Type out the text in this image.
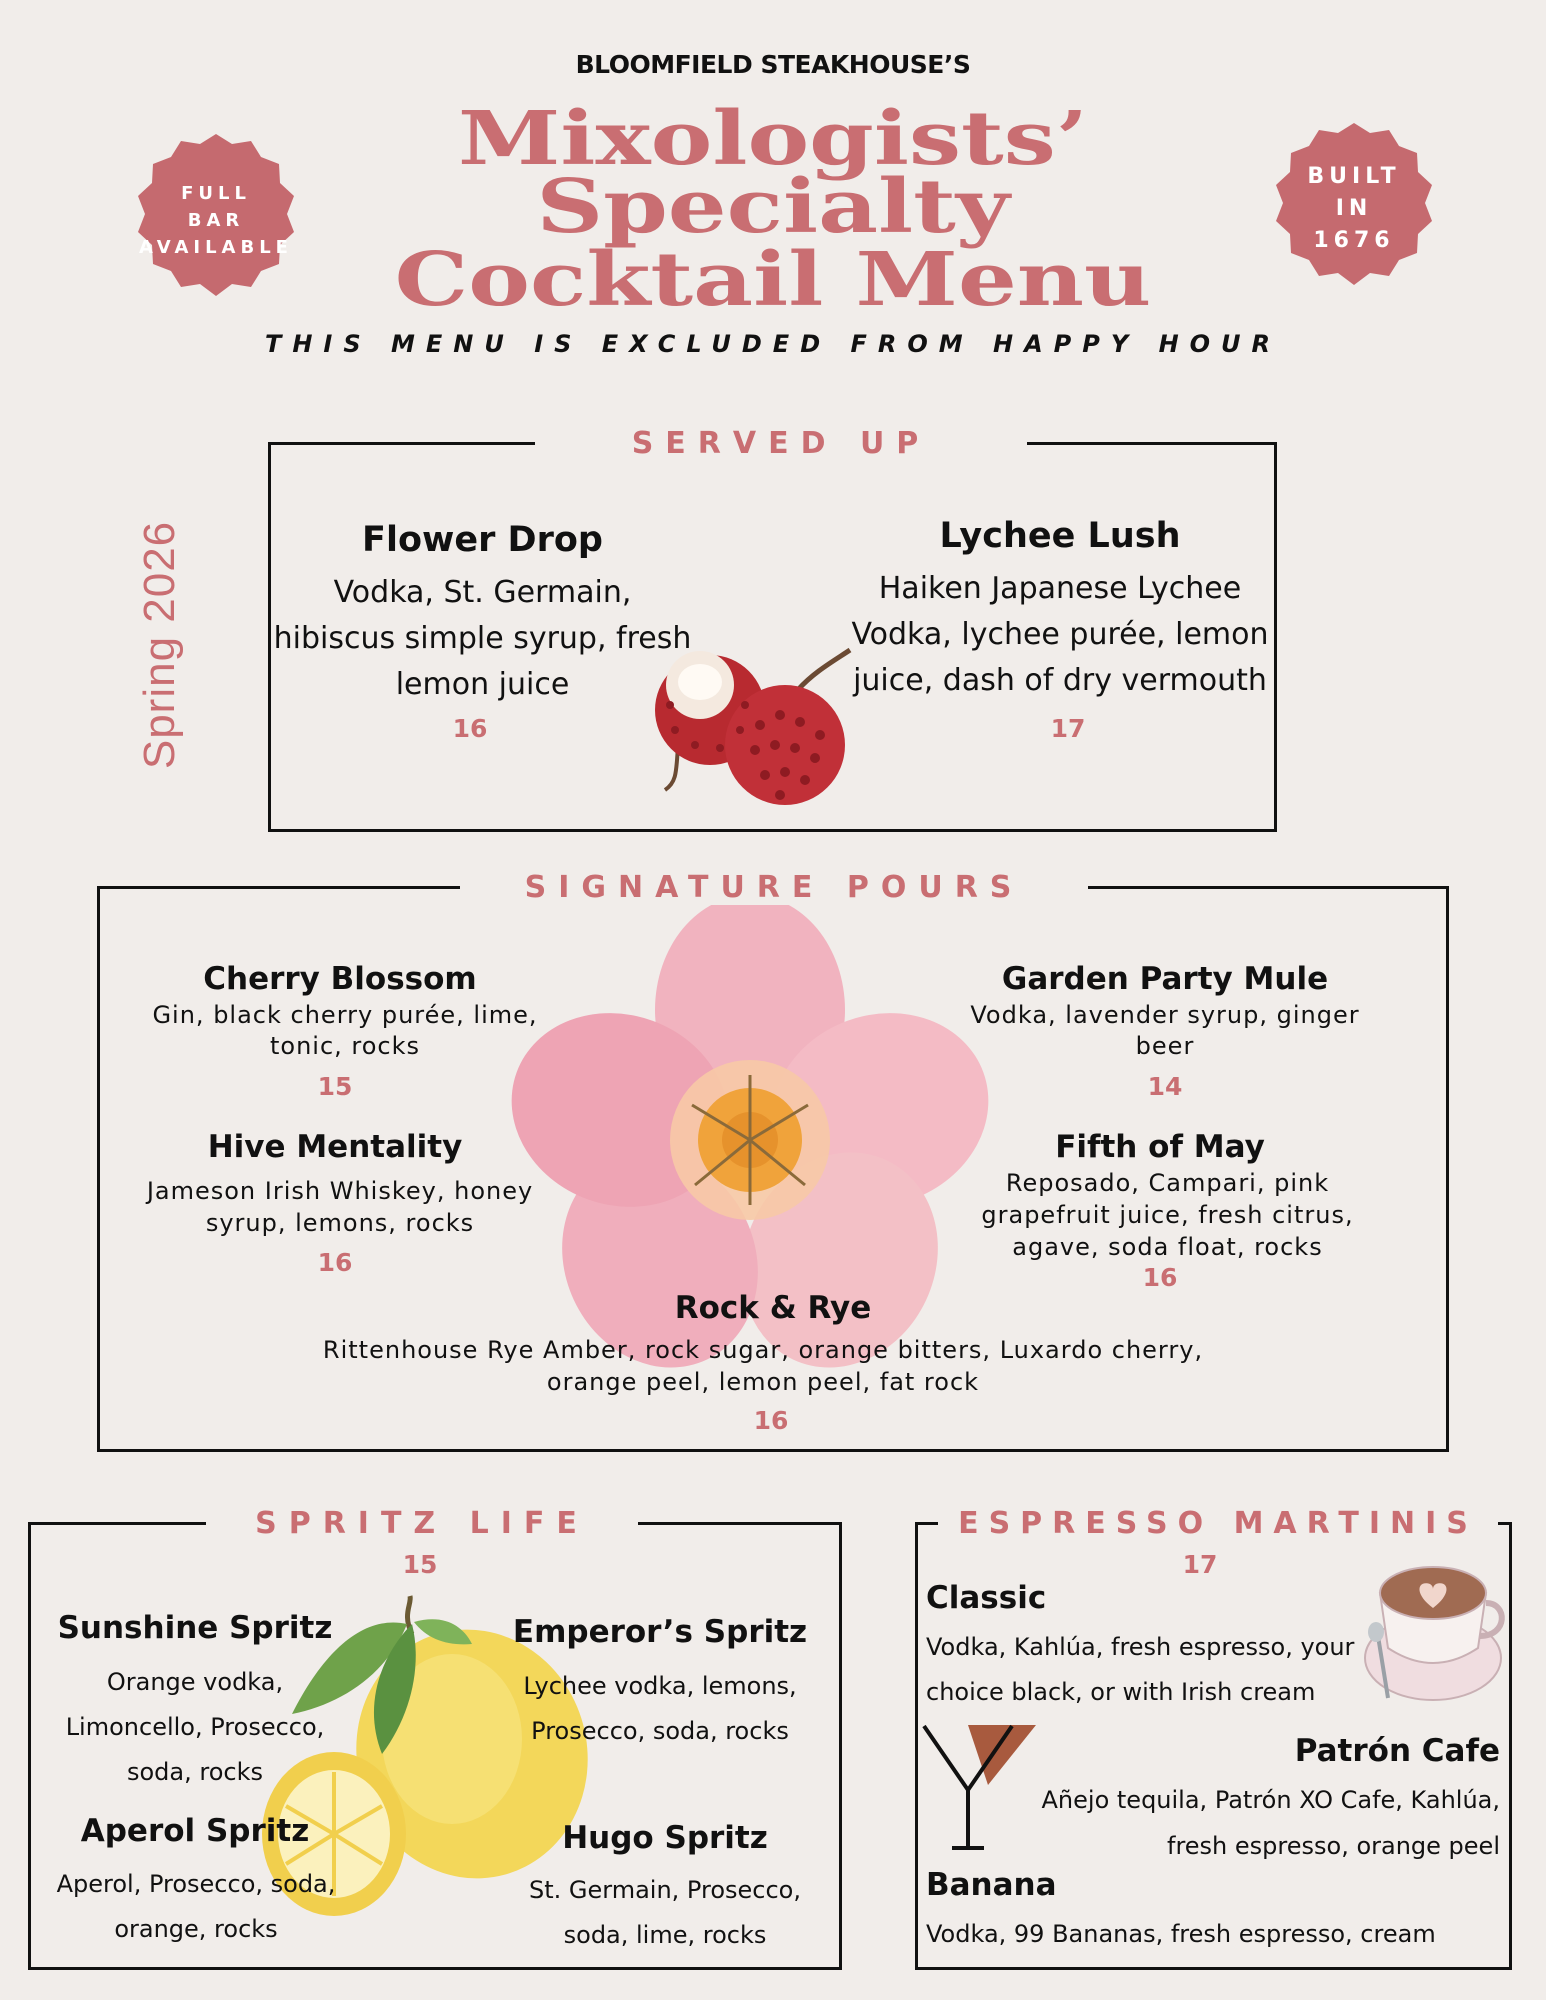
BLOOMFIELD STEAKHOUSE’S
Mixologists’
Specialty
Cocktail Menu
THIS MENU IS EXCLUDED FROM HAPPY HOUR
FULL
BAR
AVAILABLE
BUILT
IN
1676
Spring 2026
SERVED UP
Flower Drop
Vodka, St. Germain, hibiscus simple syrup, fresh lemon juice
16
Lychee Lush
Haiken Japanese Lychee Vodka, lychee purée, lemon juice, dash of dry vermouth
17
SIGNATURE POURS
Cherry Blossom
Gin, black cherry purée, lime, tonic, rocks
15
Garden Party Mule
Vodka, lavender syrup, ginger beer
14
Hive Mentality
Jameson Irish Whiskey, honey syrup, lemons, rocks
16
Fifth of May
Reposado, Campari, pink grapefruit juice, fresh citrus, agave, soda float, rocks
16
Rock & Rye
Rittenhouse Rye Amber, rock sugar, orange bitters, Luxardo cherry, orange peel, lemon peel, fat rock
16
SPRITZ LIFE
15
Sunshine Spritz
Orange vodka, Limoncello, Prosecco, soda, rocks
Emperor’s Spritz
Lychee vodka, lemons, Prosecco, soda, rocks
Aperol Spritz
Aperol, Prosecco, soda, orange, rocks
Hugo Spritz
St. Germain, Prosecco, soda, lime, rocks
ESPRESSO MARTINIS
17
Classic
Vodka, Kahlúa, fresh espresso, your
choice black, or with Irish cream
Patrón Cafe
Añejo tequila, Patrón XO Cafe, Kahlúa,
fresh espresso, orange peel
Banana
Vodka, 99 Bananas, fresh espresso, cream
